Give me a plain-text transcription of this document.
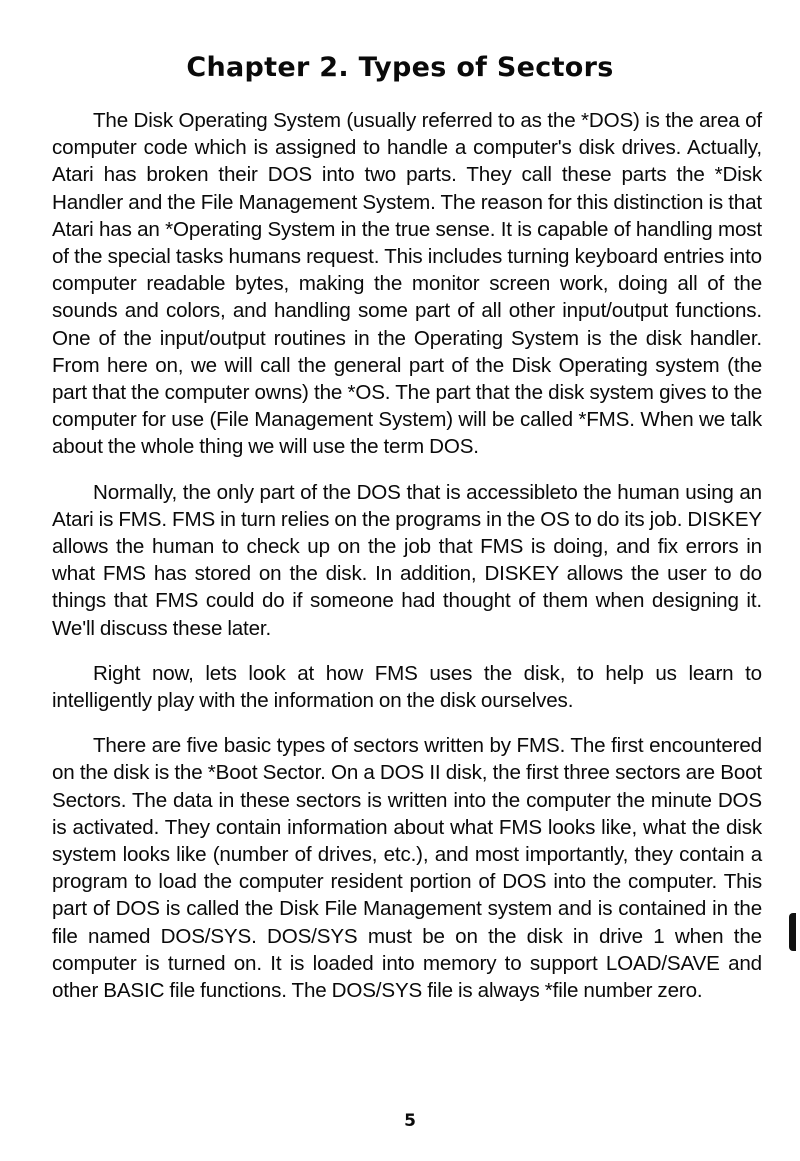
Chapter 2. Types of Sectors

The Disk Operating System (usually referred to as the *DOS) is the area of computer code which is assigned to handle a computer's disk drives. Actually, Atari has broken their DOS into two parts. They call these parts the *Disk Handler and the File Management System. The reason for this distinction is that Atari has an *Operating System in the true sense. It is capable of handling most of the special tasks humans request. This includes turning keyboard entries into computer readable bytes, making the monitor screen work, doing all of the sounds and colors, and handling some part of all other input/output functions. One of the input/output routines in the Operating System is the disk handler. From here on, we will call the general part of the Disk Operating system (the part that the computer owns) the *OS. The part that the disk system gives to the computer for use (File Management System) will be called *FMS. When we talk about the whole thing we will use the term DOS.

Normally, the only part of the DOS that is accessibleto the human using an Atari is FMS. FMS in turn relies on the programs in the OS to do its job. DISKEY allows the human to check up on the job that FMS is doing, and fix errors in what FMS has stored on the disk. In addition, DISKEY allows the user to do things that FMS could do if someone had thought of them when designing it. We'll discuss these later.

Right now, lets look at how FMS uses the disk, to help us learn to intelligently play with the information on the disk ourselves.

There are five basic types of sectors written by FMS. The first encountered on the disk is the *Boot Sector. On a DOS II disk, the first three sectors are Boot Sectors. The data in these sectors is written into the computer the minute DOS is activated. They contain information about what FMS looks like, what the disk system looks like (number of drives, etc.), and most importantly, they contain a program to load the computer resident portion of DOS into the computer. This part of DOS is called the Disk File Management system and is contained in the file named DOS/SYS. DOS/SYS must be on the disk in drive 1 when the computer is turned on. It is loaded into memory to support LOAD/SAVE and other BASIC file functions. The DOS/SYS file is always *file number zero.

5
